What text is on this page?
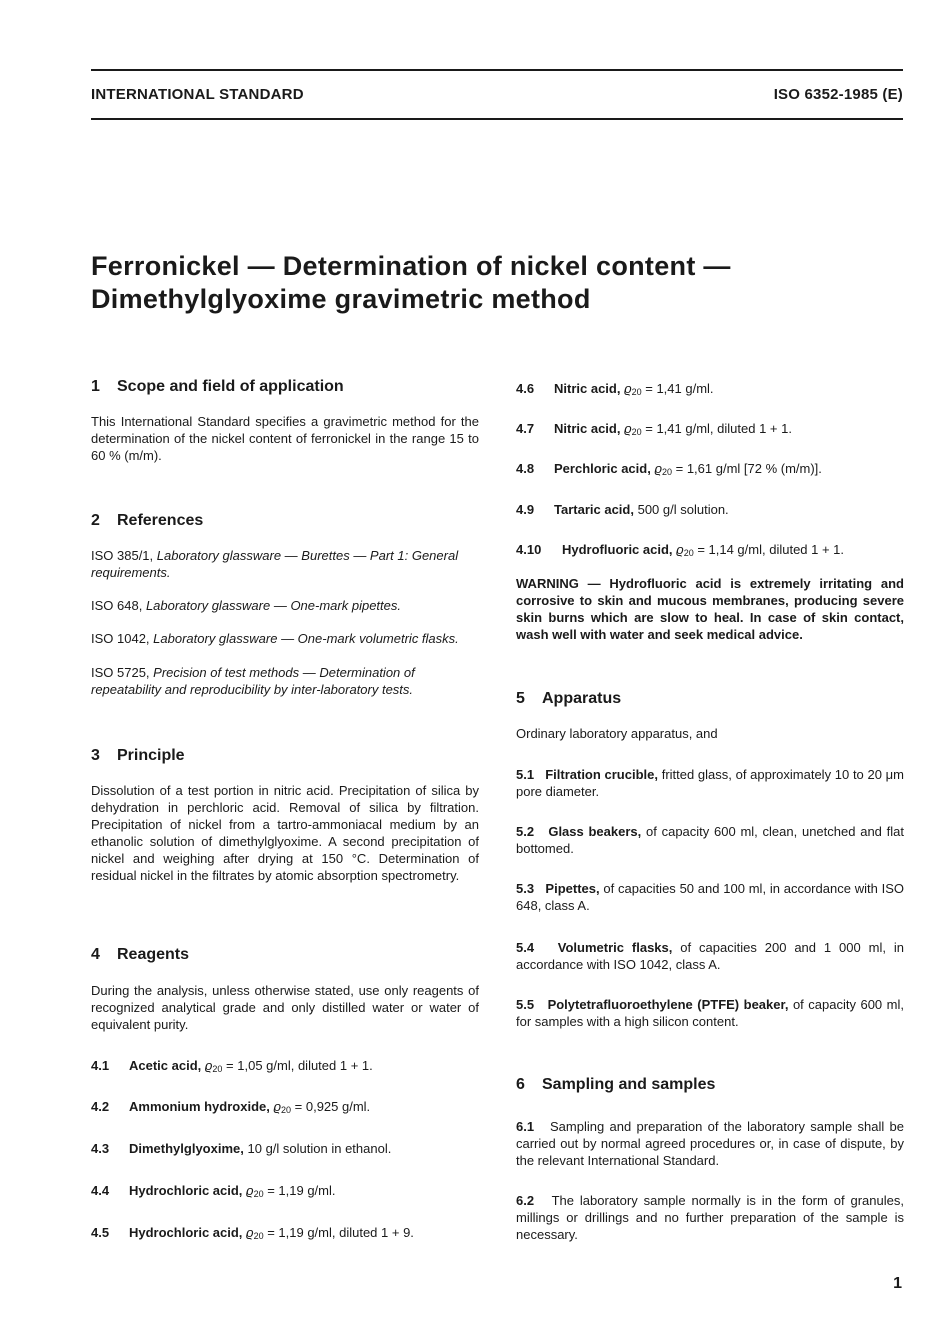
INTERNATIONAL STANDARD	ISO 6352-1985 (E)
Ferronickel — Determination of nickel content —
Dimethylglyoxime gravimetric method
1 Scope and field of application
This International Standard specifies a gravimetric method for the determination of the nickel content of ferronickel in the range 15 to 60 % (m/m).
2 References
ISO 385/1, Laboratory glassware — Burettes — Part 1: General requirements.
ISO 648, Laboratory glassware — One-mark pipettes.
ISO 1042, Laboratory glassware — One-mark volumetric flasks.
ISO 5725, Precision of test methods — Determination of repeatability and reproducibility by inter-laboratory tests.
3 Principle
Dissolution of a test portion in nitric acid. Precipitation of silica by dehydration in perchloric acid. Removal of silica by filtration. Precipitation of nickel from a tartro-ammoniacal medium by an ethanolic solution of dimethylglyoxime. A second precipitation of nickel and weighing after drying at 150 °C. Determination of residual nickel in the filtrates by atomic absorption spectrometry.
4 Reagents
During the analysis, unless otherwise stated, use only reagents of recognized analytical grade and only distilled water or water of equivalent purity.
4.1 Acetic acid, $ϱ_{20} = 1,05$ g/ml, diluted 1 + 1.
4.2 Ammonium hydroxide, $ϱ_{20} = 0,925$ g/ml.
4.3 Dimethylglyoxime, 10 g/l solution in ethanol.
4.4 Hydrochloric acid, $ϱ_{20} = 1,19$ g/ml.
4.5 Hydrochloric acid, $ϱ_{20} = 1,19$ g/ml, diluted 1 + 9.
4.6 Nitric acid, $ϱ_{20} = 1,41$ g/ml.
4.7 Nitric acid, $ϱ_{20} = 1,41$ g/ml, diluted 1 + 1.
4.8 Perchloric acid, $ϱ_{20} = 1,61$ g/ml [72 % (m/m)].
4.9 Tartaric acid, 500 g/l solution.
4.10 Hydrofluoric acid, $ϱ_{20} = 1,14$ g/ml, diluted 1 + 1.
WARNING — Hydrofluoric acid is extremely irritating and corrosive to skin and mucous membranes, producing severe skin burns which are slow to heal. In case of skin contact, wash well with water and seek medical advice.
5 Apparatus
Ordinary laboratory apparatus, and
5.1 Filtration crucible, fritted glass, of approximately 10 to 20 μm pore diameter.
5.2 Glass beakers, of capacity 600 ml, clean, unetched and flat bottomed.
5.3 Pipettes, of capacities 50 and 100 ml, in accordance with ISO 648, class A.
5.4 Volumetric flasks, of capacities 200 and 1 000 ml, in accordance with ISO 1042, class A.
5.5 Polytetrafluoroethylene (PTFE) beaker, of capacity 600 ml, for samples with a high silicon content.
6 Sampling and samples
6.1 Sampling and preparation of the laboratory sample shall be carried out by normal agreed procedures or, in case of dispute, by the relevant International Standard.
6.2 The laboratory sample normally is in the form of granules, millings or drillings and no further preparation of the sample is necessary.
1
